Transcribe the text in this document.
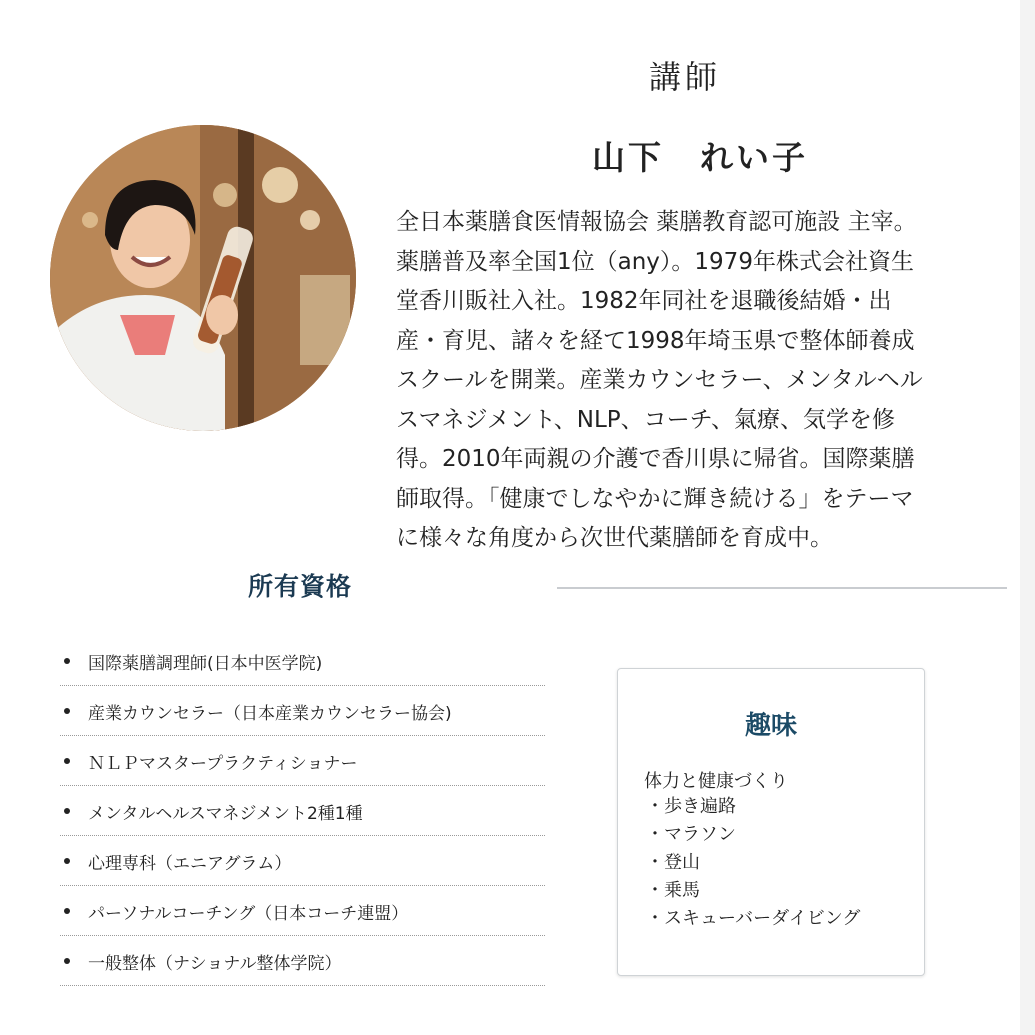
講師
山下　れい子
全日本薬膳食医情報協会 薬膳教育認可施設 主宰。
薬膳普及率全国1位（any）。1979年株式会社資生
堂香川販社入社。1982年同社を退職後結婚・出
産・育児、諸々を経て1998年埼玉県で整体師養成
スクールを開業。産業カウンセラー、メンタルヘル
スマネジメント、NLP、コーチ、氣療、気学を修
得。2010年両親の介護で香川県に帰省。国際薬膳
師取得。「健康でしなやかに輝き続ける」をテーマ
に様々な角度から次世代薬膳師を育成中。
所有資格
国際薬膳調理師(日本中医学院)
産業カウンセラー（日本産業カウンセラー協会)
ＮＬＰマスタープラクティショナー
メンタルヘルスマネジメント2種1種
心理専科（エニアグラム）
パーソナルコーチング（日本コーチ連盟）
一般整体（ナショナル整体学院）
趣味
体力と健康づくり
・歩き遍路
・マラソン
・登山
・乗馬
・スキューバーダイビング
